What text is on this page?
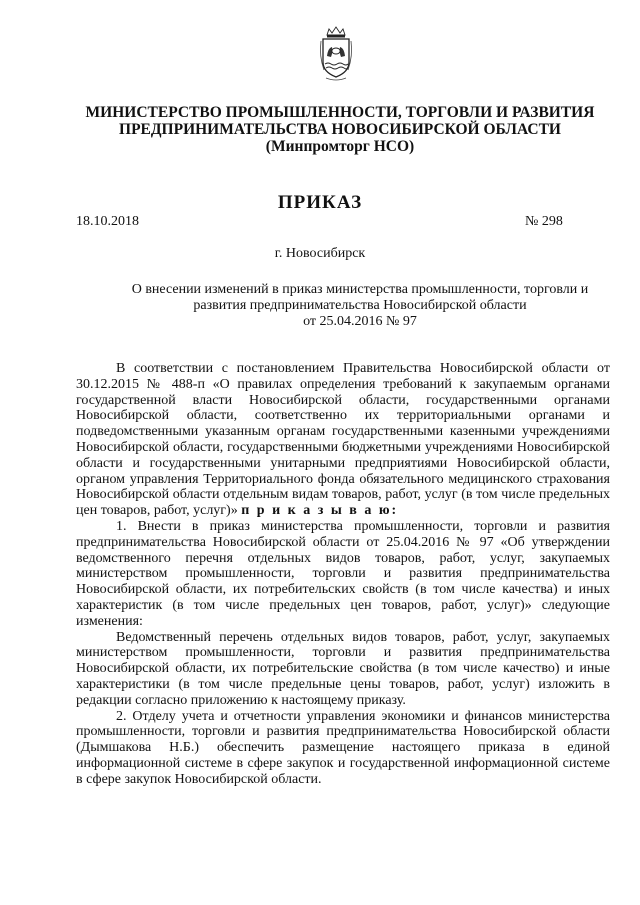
МИНИСТЕРСТВО ПРОМЫШЛЕННОСТИ, ТОРГОВЛИ И РАЗВИТИЯ
ПРЕДПРИНИМАТЕЛЬСТВА НОВОСИБИРСКОЙ ОБЛАСТИ
(Минпромторг НСО)
ПРИКАЗ
18.10.2018	№ 298
г. Новосибирск
О внесении изменений в приказ министерства промышленности, торговли и
развития предпринимательства Новосибирской области
от 25.04.2016 № 97

В соответствии с постановлением Правительства Новосибирской области от 30.12.2015 № 488-п «О правилах определения требований к закупаемым органами государственной власти Новосибирской области, государственными органами Новосибирской области, соответственно их территориальными органами и подведомственными указанным органам государственными казенными учреждениями Новосибирской области, государственными бюджетными учреждениями Новосибирской области и государственными унитарными предприятиями Новосибирской области, органом управления Территориального фонда обязательного медицинского страхования Новосибирской области отдельным видам товаров, работ, услуг (в том числе предельных цен товаров, работ, услуг)» п р и к а з ы в а ю:

1. Внести в приказ министерства промышленности, торговли и развития предпринимательства Новосибирской области от 25.04.2016 № 97 «Об утверждении ведомственного перечня отдельных видов товаров, работ, услуг, закупаемых министерством промышленности, торговли и развития предпринимательства Новосибирской области, их потребительских свойств (в том числе качества) и иных характеристик (в том числе предельных цен товаров, работ, услуг)» следующие изменения:

Ведомственный перечень отдельных видов товаров, работ, услуг, закупаемых министерством промышленности, торговли и развития предпринимательства Новосибирской области, их потребительские свойства (в том числе качество) и иные характеристики (в том числе предельные цены товаров, работ, услуг) изложить в редакции согласно приложению к настоящему приказу.

2. Отделу учета и отчетности управления экономики и финансов министерства промышленности, торговли и развития предпринимательства Новосибирской области (Дымшакова Н.Б.) обеспечить размещение настоящего приказа в единой информационной системе в сфере закупок и государственной информационной системе в сфере закупок Новосибирской области.
